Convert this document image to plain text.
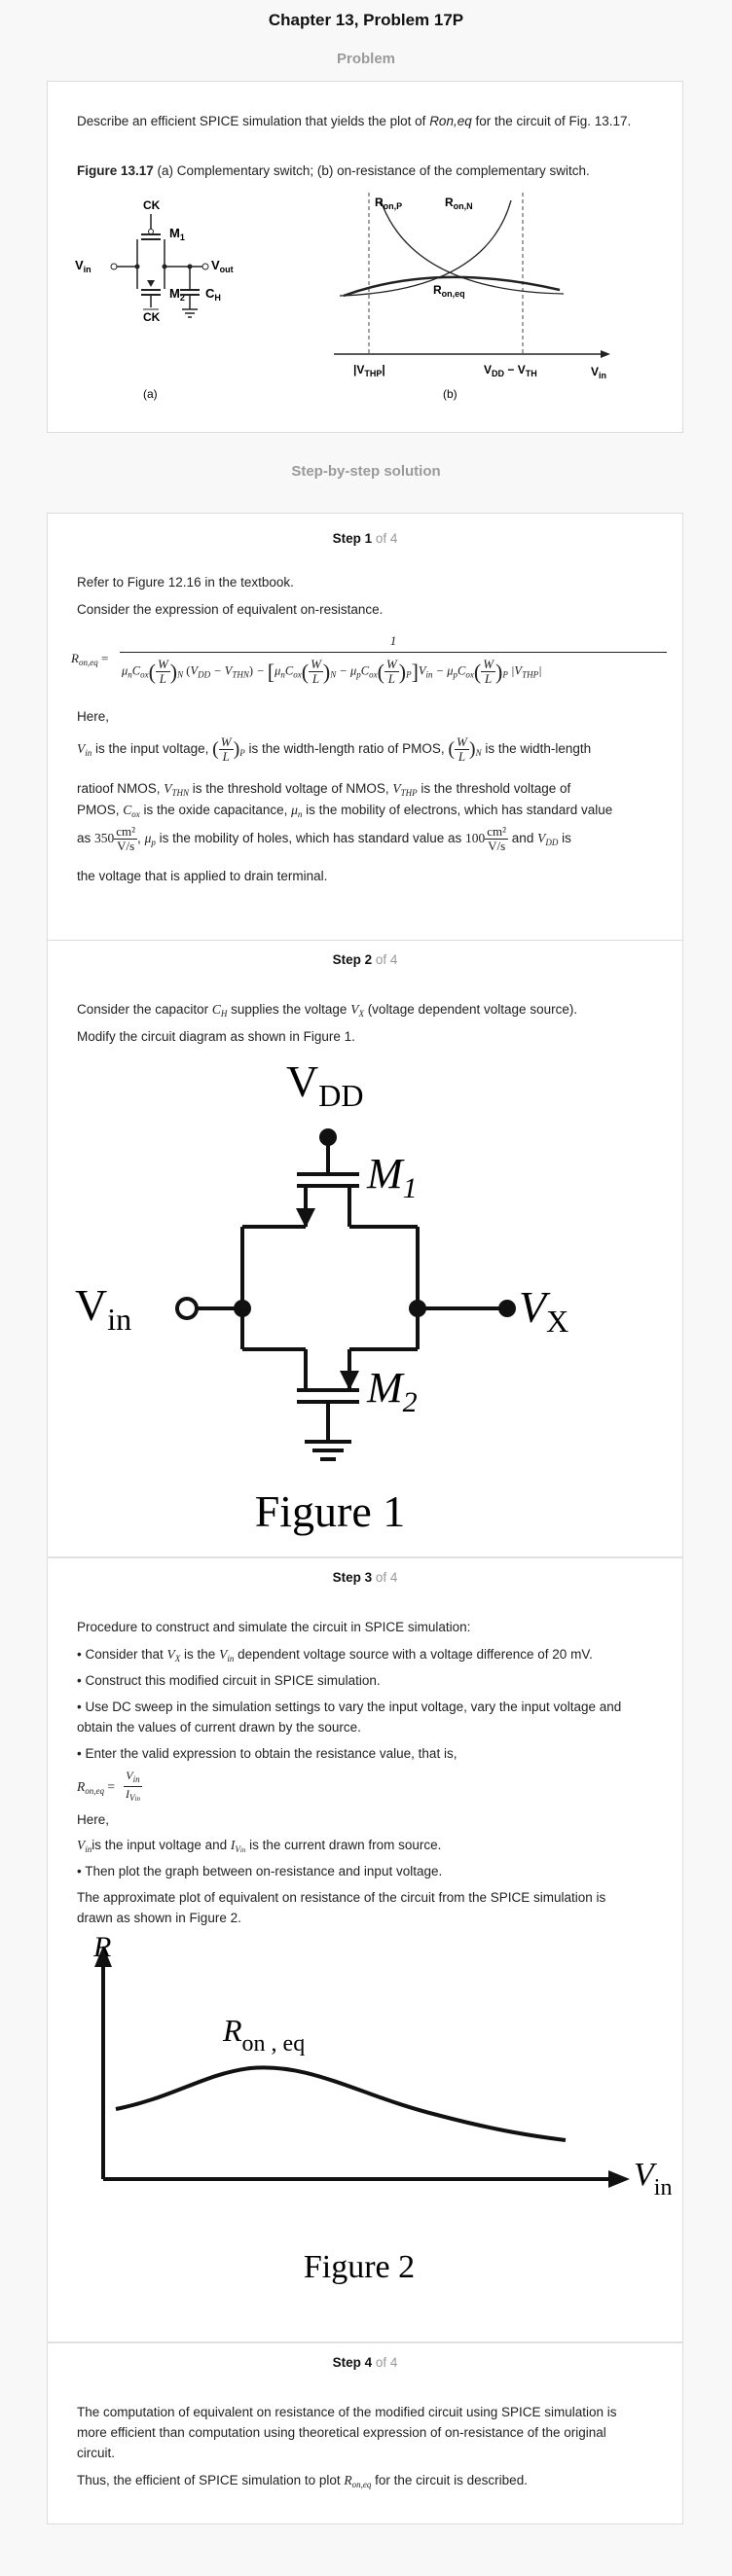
Chapter 13, Problem 17P
Problem
Describe an efficient SPICE simulation that yields the plot of Ron,eq for the circuit of Fig. 13.17.
Figure 13.17 (a) Complementary switch; (b) on-resistance of the complementary switch.
CK
$M_1$
$V_{in}$	$V_{out}$
$M_2$
CK
$C_H$
(a)
$R_{on,P}$	$R_{on,N}$
$R_{on,eq}$
$|V_{THP}|$	$V_{DD} - V_{TH}$	$V_{in}$
(b)
Step-by-step solution
Step 1 of 4
Refer to Figure 12.16 in the textbook.
Consider the expression of equivalent on-resistance.
$R_{on,eq}$ =
1
$\mu_nC_{ox}( \frac{W}{L} )_N$ $(V_{DD} - V_{THN}) - [\mu_nC_{ox}( \frac{W}{L} )_N - \mu_pC_{ox}( \frac{W}{L} )_P]V_{in} - \mu_pC_{ox}( \frac{W}{L} )_P$ $|V_{THP}|$
Here,
$V_{in}$ is the input voltage, ( $\frac{W}{L} )_P$ is the width-length ratio of PMOS, ( $\frac{W}{L} )_N$ is the width-length
ratioof NMOS, $V_{THN}$ is the threshold voltage of NMOS, $V_{THP}$ is the threshold voltage of
PMOS, $C_{ox}$ is the oxide capacitance, $\mu_n$ is the mobility of electrons, which has standard value
as $350 \frac{\text{cm²}}{V/s}$ , $\mu_p$ is the mobility of holes, which has standard value as $100 \frac{\text{cm²}}{V/s}$ and $V_{DD}$ is
the voltage that is applied to drain terminal.
Step 2 of 4
Consider the capacitor $C_H$ supplies the voltage $V_X$ (voltage dependent voltage source).
Modify the circuit diagram as shown in Figure 1.
$V_{DD}$
$M_1$
$V_{in}$	$V_X$
$M_2$
Figure 1
Step 3 of 4
Procedure to construct and simulate the circuit in SPICE simulation:
• Consider that $V_X$ is the $V_{in}$ dependent voltage source with a voltage difference of 20 mV.
• Construct this modified circuit in SPICE simulation.
• Use DC sweep in the simulation settings to vary the input voltage, vary the input voltage and
obtain the values of current drawn by the source.
• Enter the valid expression to obtain the resistance value, that is,
$R_{on,eq}$ =
$V_{in}$
$I_{Vin}$
Here,
$V_{in}is$ the input voltage and $I_{Vin}$ is the current drawn from source.
• Then plot the graph between on-resistance and input voltage.
The approximate plot of equivalent on resistance of the circuit from the SPICE simulation is
drawn as shown in Figure 2.
R
$V_{in}$
$R_{on , eq}$
Figure 2
Step 4 of 4
The computation of equivalent on resistance of the modified circuit using SPICE simulation is
more efficient than computation using theoretical expression of on-resistance of the original
circuit.
Thus, the efficient of SPICE simulation to plot $R_{on,eq}$ for the circuit is described.
